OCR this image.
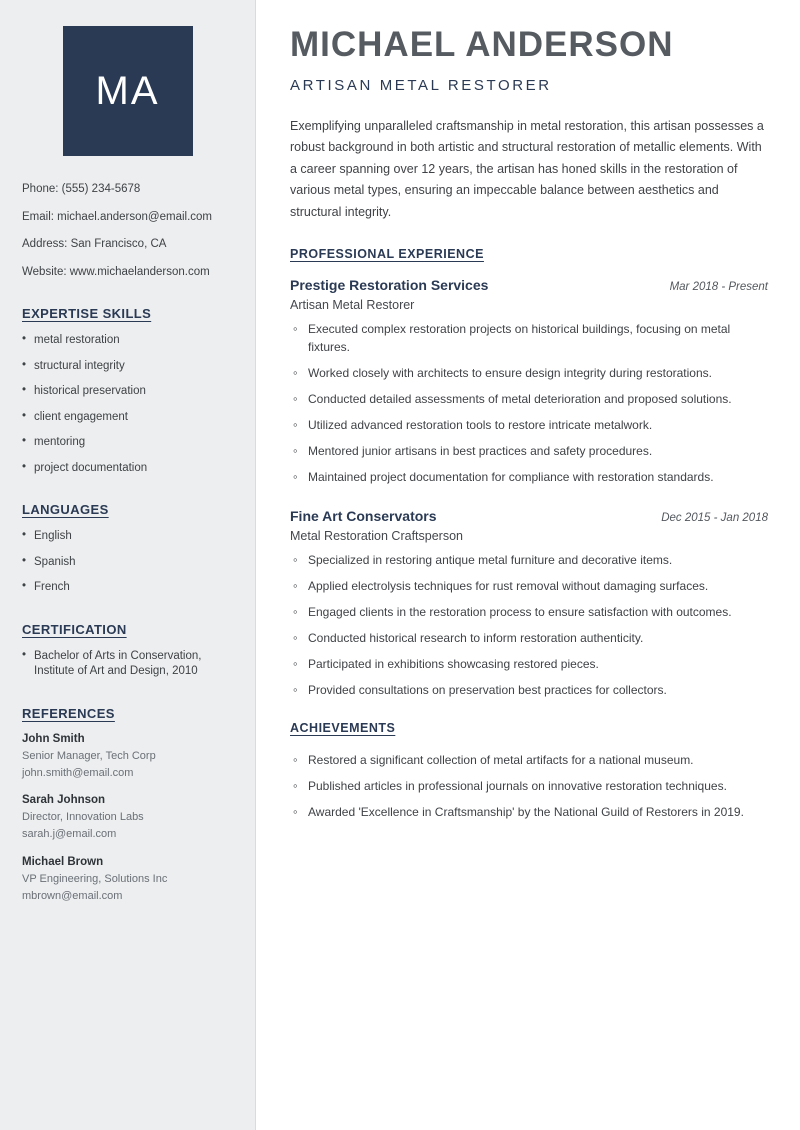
MA
Phone: (555) 234-5678
Email: michael.anderson@email.com
Address: San Francisco, CA
Website: www.michaelanderson.com
EXPERTISE SKILLS
• metal restoration
• structural integrity
• historical preservation
• client engagement
• mentoring
• project documentation
LANGUAGES
• English
• Spanish
• French
CERTIFICATION
• Bachelor of Arts in Conservation, Institute of Art and Design, 2010
REFERENCES
John Smith
Senior Manager, Tech Corp
john.smith@email.com
Sarah Johnson
Director, Innovation Labs
sarah.j@email.com
Michael Brown
VP Engineering, Solutions Inc
mbrown@email.com
MICHAEL ANDERSON
ARTISAN METAL RESTORER

Exemplifying unparalleled craftsmanship in metal restoration, this artisan possesses a robust background in both artistic and structural restoration of metallic elements. With a career spanning over 12 years, the artisan has honed skills in the restoration of various metal types, ensuring an impeccable balance between aesthetics and structural integrity.

PROFESSIONAL EXPERIENCE
Prestige Restoration Services	Mar 2018 - Present
Artisan Metal Restorer
◦ Executed complex restoration projects on historical buildings, focusing on metal fixtures.
◦ Worked closely with architects to ensure design integrity during restorations.
◦ Conducted detailed assessments of metal deterioration and proposed solutions.
◦ Utilized advanced restoration tools to restore intricate metalwork.
◦ Mentored junior artisans in best practices and safety procedures.
◦ Maintained project documentation for compliance with restoration standards.
Fine Art Conservators	Dec 2015 - Jan 2018
Metal Restoration Craftsperson
◦ Specialized in restoring antique metal furniture and decorative items.
◦ Applied electrolysis techniques for rust removal without damaging surfaces.
◦ Engaged clients in the restoration process to ensure satisfaction with outcomes.
◦ Conducted historical research to inform restoration authenticity.
◦ Participated in exhibitions showcasing restored pieces.
◦ Provided consultations on preservation best practices for collectors.
ACHIEVEMENTS
◦ Restored a significant collection of metal artifacts for a national museum.
◦ Published articles in professional journals on innovative restoration techniques.
◦ Awarded 'Excellence in Craftsmanship' by the National Guild of Restorers in 2019.
